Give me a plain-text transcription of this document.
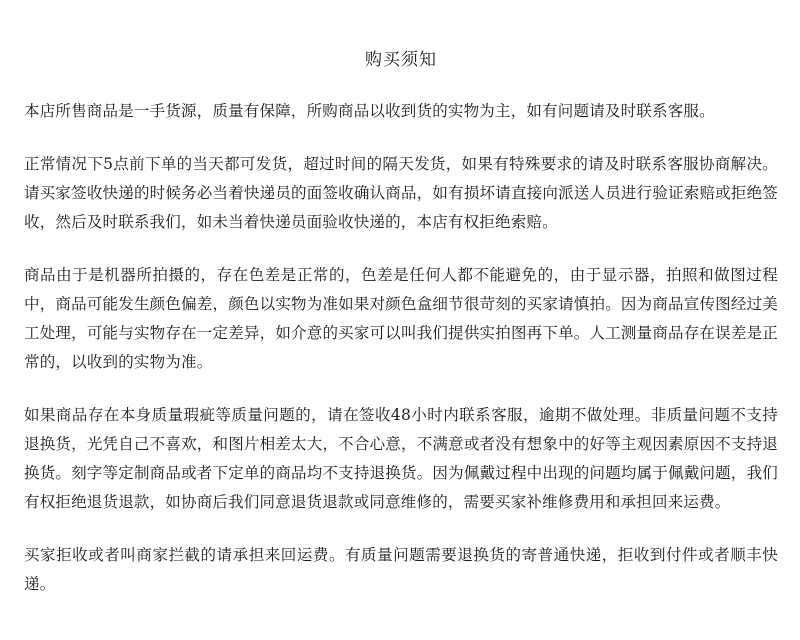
购买须知

本店所售商品是一手货源，质量有保障，所购商品以收到货的实物为主，如有问题请及时联系客服。

正常情况下5点前下单的当天都可发货，超过时间的隔天发货，如果有特殊要求的请及时联系客服协商解决。请买家签收快递的时候务必当着快递员的面签收确认商品，如有损坏请直接向派送人员进行验证索赔或拒绝签收，然后及时联系我们，如未当着快递员面验收快递的，本店有权拒绝索赔。

商品由于是机器所拍摄的，存在色差是正常的，色差是任何人都不能避免的，由于显示器，拍照和做图过程中，商品可能发生颜色偏差，颜色以实物为准如果对颜色盒细节很苛刻的买家请慎拍。因为商品宣传图经过美工处理，可能与实物存在一定差异，如介意的买家可以叫我们提供实拍图再下单。人工测量商品存在误差是正常的，以收到的实物为准。

如果商品存在本身质量瑕疵等质量问题的，请在签收48小时内联系客服，逾期不做处理。非质量问题不支持退换货，光凭自己不喜欢，和图片相差太大，不合心意，不满意或者没有想象中的好等主观因素原因不支持退换货。刻字等定制商品或者下定单的商品均不支持退换货。因为佩戴过程中出现的问题均属于佩戴问题，我们有权拒绝退货退款，如协商后我们同意退货退款或同意维修的，需要买家补维修费用和承担回来运费。

买家拒收或者叫商家拦截的请承担来回运费。有质量问题需要退换货的寄普通快递，拒收到付件或者顺丰快递。
